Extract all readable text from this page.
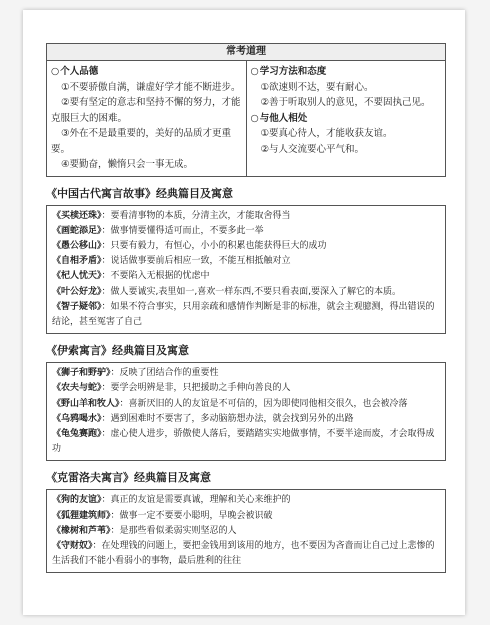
常考道理
○个人品德
①不要骄傲自满，谦虚好学才能不断进步。
②要有坚定的意志和坚持不懈的努力，才能克服巨大的困难。
③外在不是最重要的，美好的品质才更重要。
④要勤奋，懒惰只会一事无成。
○学习方法和态度
①欲速则不达，要有耐心。
②善于听取别人的意见，不要固执己见。
○与他人相处
①要真心待人，才能收获友谊。
②与人交流要心平气和。
《中国古代寓言故事》经典篇目及寓意
《买椟还珠》：要看清事物的本质，分清主次，才能取舍得当
《画蛇添足》：做事情要懂得适可而止，不要多此一举
《愚公移山》：只要有毅力，有恒心，小小的积累也能获得巨大的成功
《自相矛盾》：说话做事要前后相应一致，不能互相抵触对立
《杞人忧天》：不要陷入无根据的忧虑中
《叶公好龙》：做人要诚实,表里如一,喜欢一样东西,不要只看表面,要深入了解它的本质。
《智子疑邻》：如果不符合事实，只用亲疏和感情作判断是非的标准，就会主观臆测，得出错误的结论，甚至冤害了自己
《伊索寓言》经典篇目及寓意
《狮子和野驴》：反映了团结合作的重要性
《农夫与蛇》：要学会明辨是非，只把援助之手伸向善良的人
《野山羊和牧人》：喜新厌旧的人的友谊是不可信的，因为即使同他相交很久，也会被冷落
《乌鸦喝水》：遇到困难时不要害了，多动脑筋想办法，就会找到另外的出路
《龟兔赛跑》：虚心使人进步，骄傲使人落后，要踏踏实实地做事情，不要半途而废，才会取得成功
《克雷洛夫寓言》经典篇目及寓意
《狗的友谊》：真正的友谊是需要真诚，理解和关心来维护的
《狐狸建筑师》：做事一定不要要小聪明，早晚会被识破
《橡树和芦苇》：是那些看似柔弱实则坚忍的人
《守财奴》：在处理钱的问题上，要把金钱用到该用的地方，也不要因为吝啬而让自己过上悲惨的生活我们不能小看弱小的事物，最后胜利的往往
